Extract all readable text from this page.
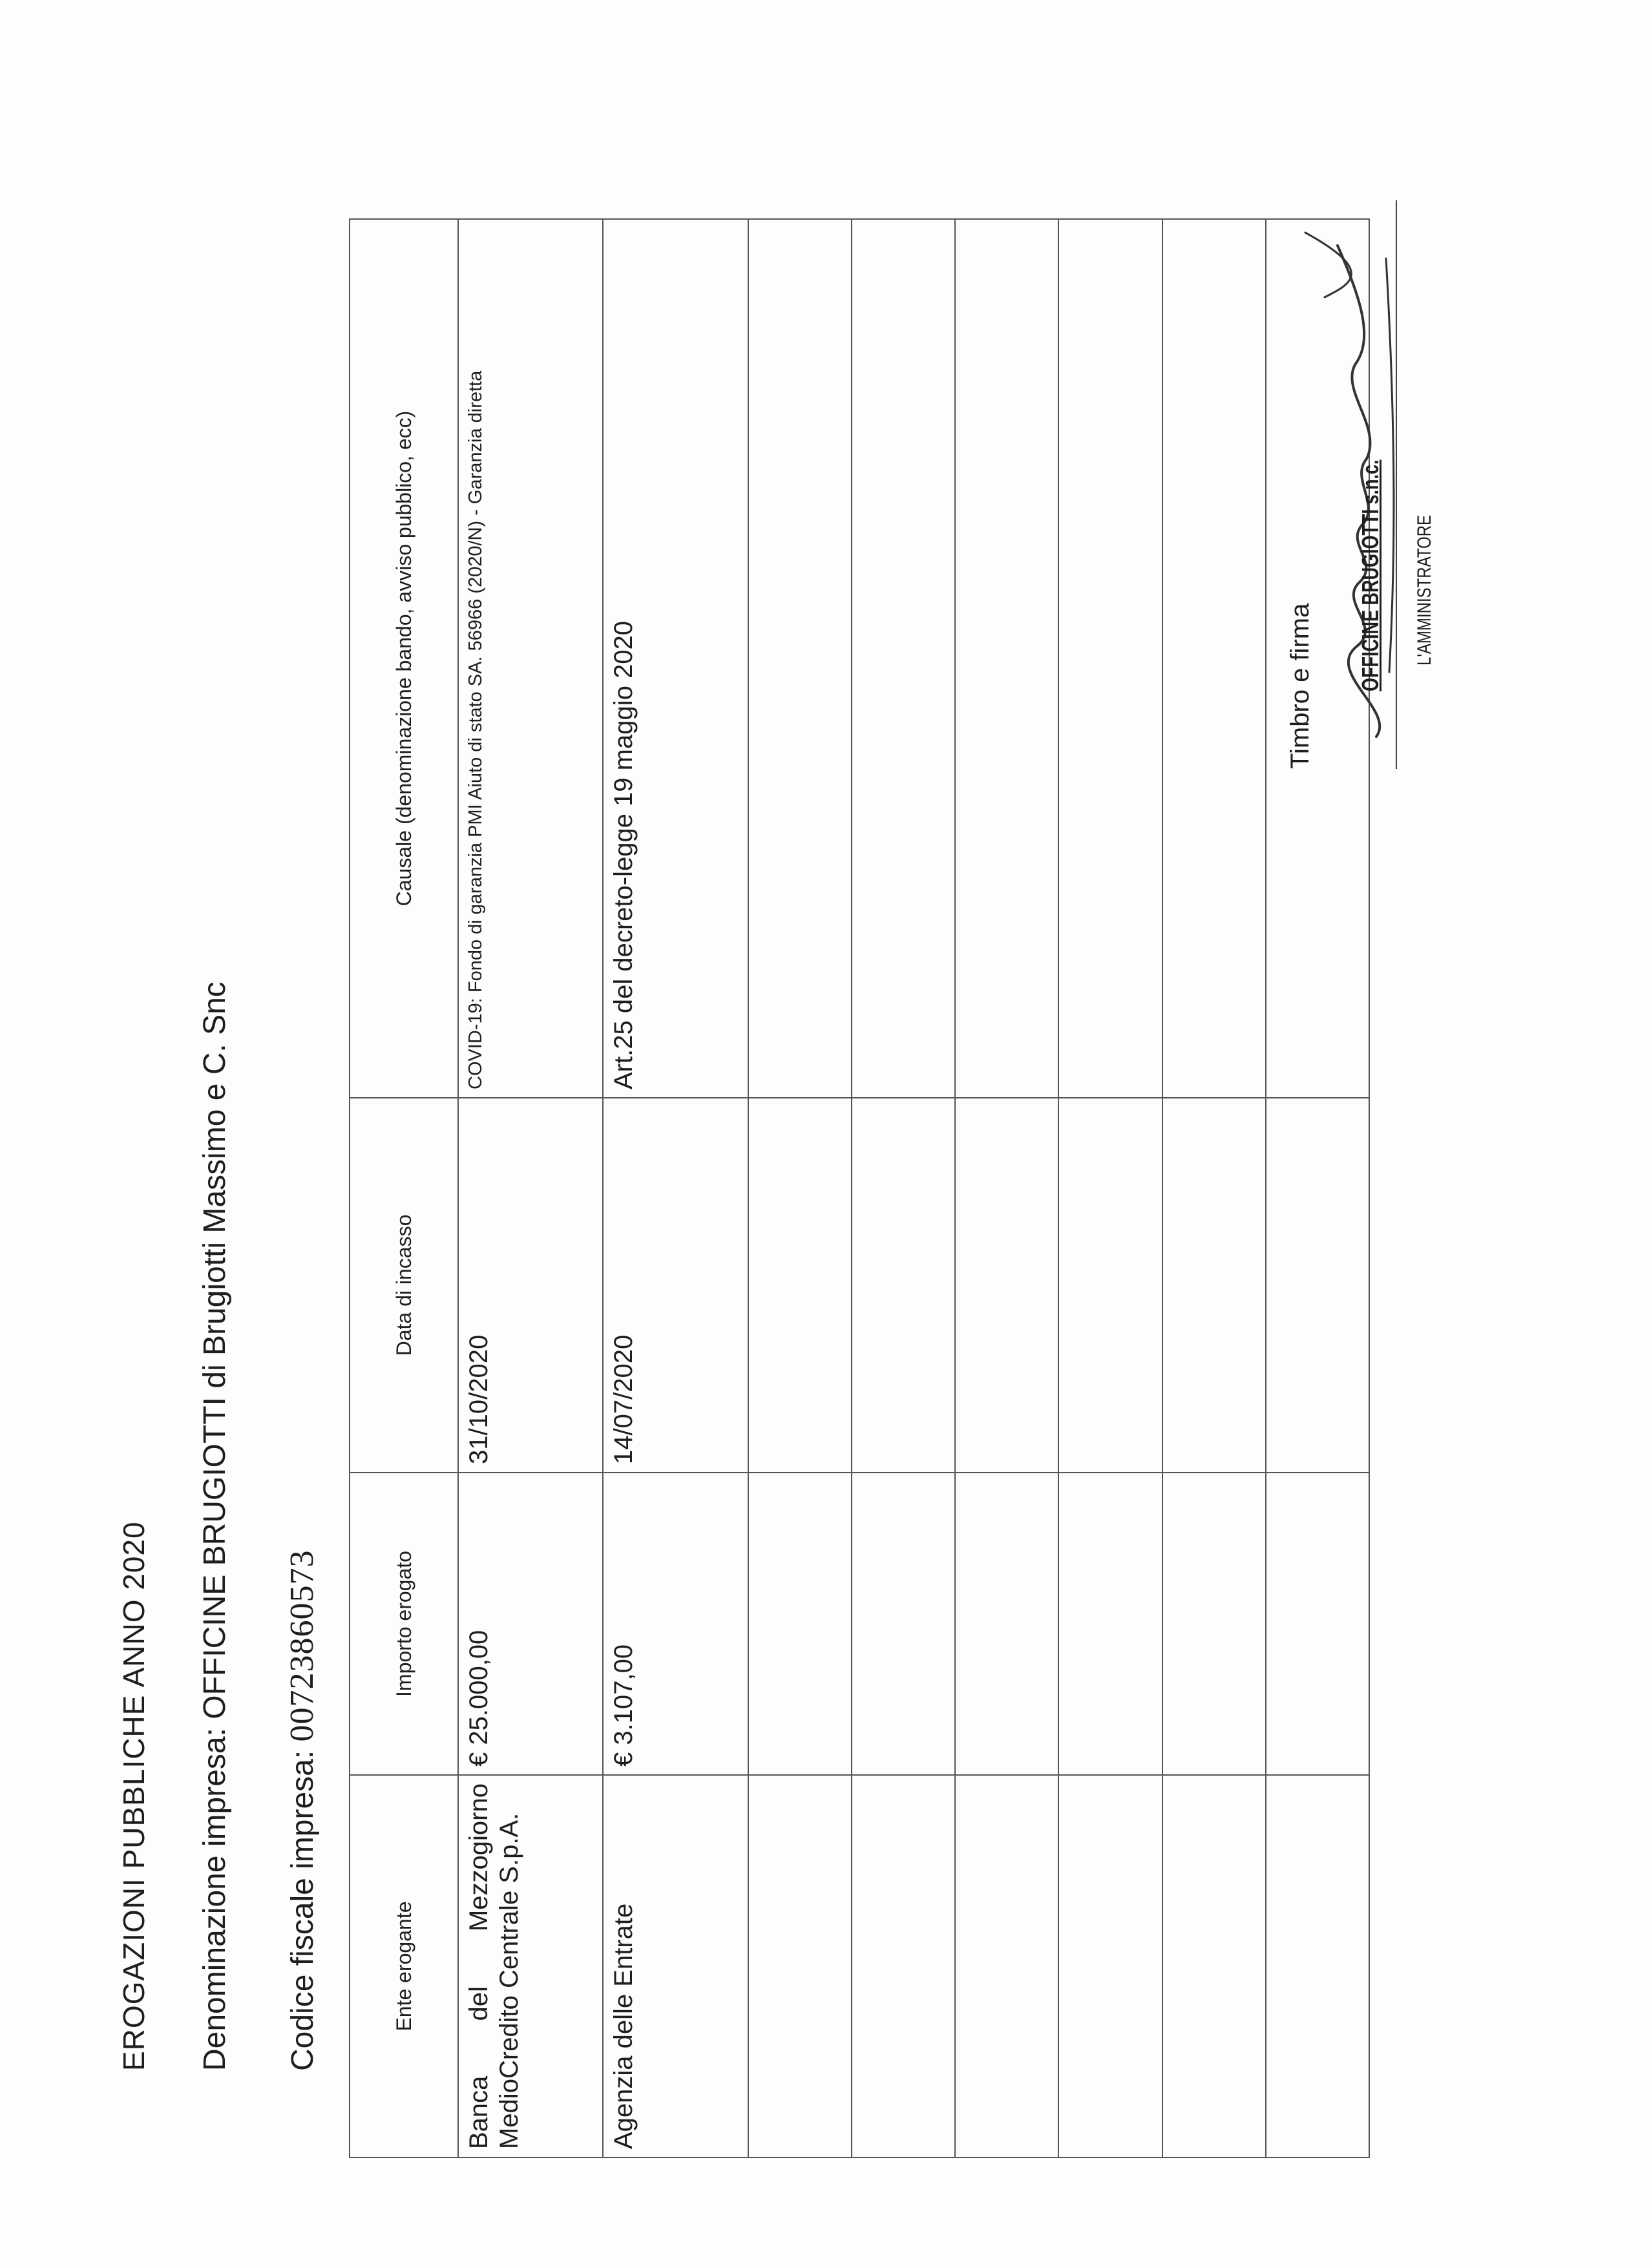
EROGAZIONI PUBBLICHE ANNO 2020 Denominazione impresa: OFFICINE BRUGIOTTI di Brugiotti Massimo e C. Snc
Codice fiscale impresa: 00723860573
Ente erogante	Importo erogato	Data di incasso	Causale (denominazione bando, avviso pubblico, ecc)
Banca del Mezzogiorno MedioCredito Centrale S.p.A.	€ 25.000,00	31/10/2020	COVID-19: Fondo di garanzia PMI Aiuto di stato SA. 56966 (2020/N) - Garanzia diretta
Agenzia delle Entrate	€ 3.107,00	14/07/2020	Art.25 del decreto-legge 19 maggio 2020

				Timbro e firma OFFICINE BRUGIOTTI s.n.c. L'AMMINISTRATORE
